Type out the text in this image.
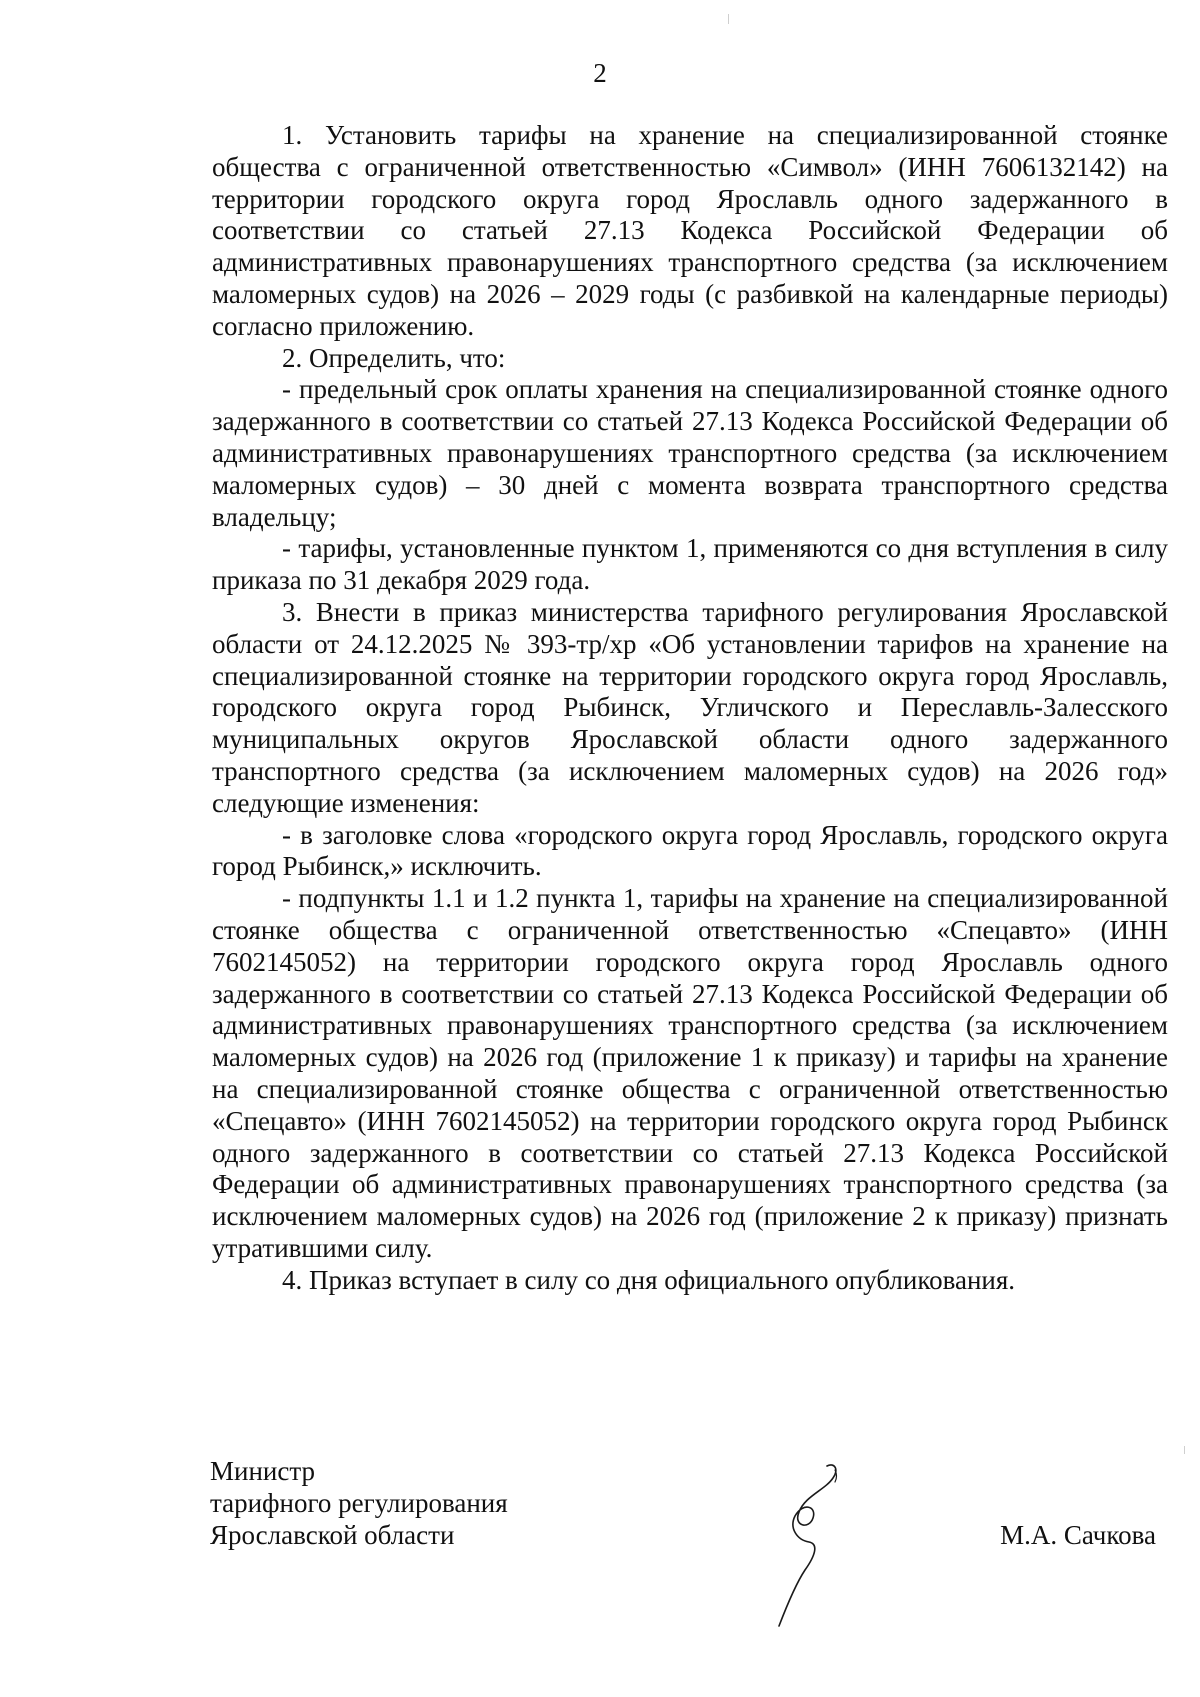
2

1. Установить тарифы на хранение на специализированной стоянке общества с ограниченной ответственностью «Символ» (ИНН 7606132142) на территории городского округа город Ярославль одного задержанного в соответствии со статьей 27.13 Кодекса Российской Федерации об административных правонарушениях транспортного средства (за исключением маломерных судов) на 2026 – 2029 годы (с разбивкой на календарные периоды) согласно приложению.

2. Определить, что:

- предельный срок оплаты хранения на специализированной стоянке одного задержанного в соответствии со статьей 27.13 Кодекса Российской Федерации об административных правонарушениях транспортного средства (за исключением маломерных судов) – 30 дней с момента возврата транспортного средства владельцу;

- тарифы, установленные пунктом 1, применяются со дня вступления в силу приказа по 31 декабря 2029 года.

3. Внести в приказ министерства тарифного регулирования Ярославской области от 24.12.2025 № 393-тр/хр «Об установлении тарифов на хранение на специализированной стоянке на территории городского округа город Ярославль, городского округа город Рыбинск, Угличского и Переславль-Залесского муниципальных округов Ярославской области одного задержанного транспортного средства (за исключением маломерных судов) на 2026 год» следующие изменения:

- в заголовке слова «городского округа город Ярославль, городского округа город Рыбинск,» исключить.

- подпункты 1.1 и 1.2 пункта 1, тарифы на хранение на специализированной стоянке общества с ограниченной ответственностью «Спецавто» (ИНН 7602145052) на территории городского округа город Ярославль одного задержанного в соответствии со статьей 27.13 Кодекса Российской Федерации об административных правонарушениях транспортного средства (за исключением маломерных судов) на 2026 год (приложение 1 к приказу) и тарифы на хранение на специализированной стоянке общества с ограниченной ответственностью «Спецавто» (ИНН 7602145052) на территории городского округа город Рыбинск одного задержанного в соответствии со статьей 27.13 Кодекса Российской Федерации об административных правонарушениях транспортного средства (за исключением маломерных судов) на 2026 год (приложение 2 к приказу) признать утратившими силу.

4. Приказ вступает в силу со дня официального опубликования.

Министр

тарифного регулирования

Ярославской области	М.А. Сачкова
